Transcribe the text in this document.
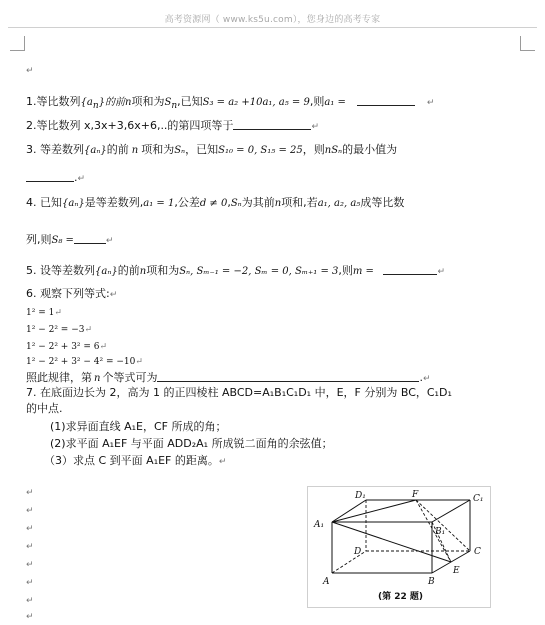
高考资源网（ www.ks5u.com），您身边的高考专家
↵
1.等比数列$\{a_n\}$的前n项和为$S_n$,已知S₃ = a₂ +10a₁, a₅ = 9,则a₁ =	↵
2.等比数列 x,3x+3,6x+6,..的第四项等于	↵
3. 等差数列{aₙ}的前 n 项和为Sₙ，已知S₁₀ = 0, S₁₅ = 25，则nSₙ的最小值为
.↵
4. 已知{aₙ}是等差数列,a₁ = 1,公差d ≠ 0,Sₙ为其前n项和,若a₁, a₂, a₅成等比数
列,则S₈ =	↵
5. 设等差数列{aₙ}的前n项和为Sₙ, Sₘ₋₁ = −2, Sₘ = 0, Sₘ₊₁ = 3,则m =	↵
6. 观察下列等式:↵
1² = 1↵
1² − 2² = −3↵
1² − 2² + 3² = 6↵
1² − 2² + 3² − 4² = −10↵
照此规律，第 n 个等式可为	.↵
7. 在底面边长为 2，高为 1 的正四棱柱 ABCD=A₁B₁C₁D₁ 中，E，F 分别为 BC，C₁D₁
的中点.
(1)求异面直线 A₁E，CF 所成的角；
(2)求平面 A₁EF 与平面 ADD₂A₁ 所成锐二面角的余弦值；
（3）求点 C 到平面 A₁EF 的距离。↵
↵
↵
↵
↵
↵
↵
↵
↵
D₁	F	C₁
A₁
B₁
D	C
E
A	B
(第 22 题)
